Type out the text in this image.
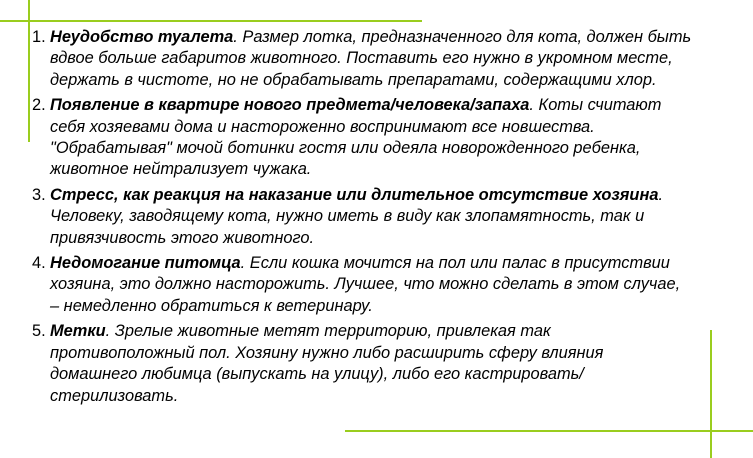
1. Неудобство туалета. Размер лотка, предназначенного для кота, должен быть вдвое больше габаритов животного. Поставить его нужно в укромном месте, держать в чистоте, но не обрабатывать препаратами, содержащими хлор.
2. Появление в квартире нового предмета/человека/запаха. Коты считают себя хозяевами дома и настороженно воспринимают все новшества. "Обрабатывая" мочой ботинки гостя или одеяла новорожденного ребенка, животное нейтрализует чужака.
3. Стресс, как реакция на наказание или длительное отсутствие хозяина. Человеку, заводящему кота, нужно иметь в виду как злопамятность, так и привязчивость этого животного.
4. Недомогание питомца. Если кошка мочится на пол или палас в присутствии хозяина, это должно насторожить. Лучшее, что можно сделать в этом случае, – немедленно обратиться к ветеринару.
5. Метки. Зрелые животные метят территорию, привлекая так противоположный пол. Хозяину нужно либо расширить сферу влияния домашнего любимца (выпускать на улицу), либо его кастрировать/стерилизовать.
